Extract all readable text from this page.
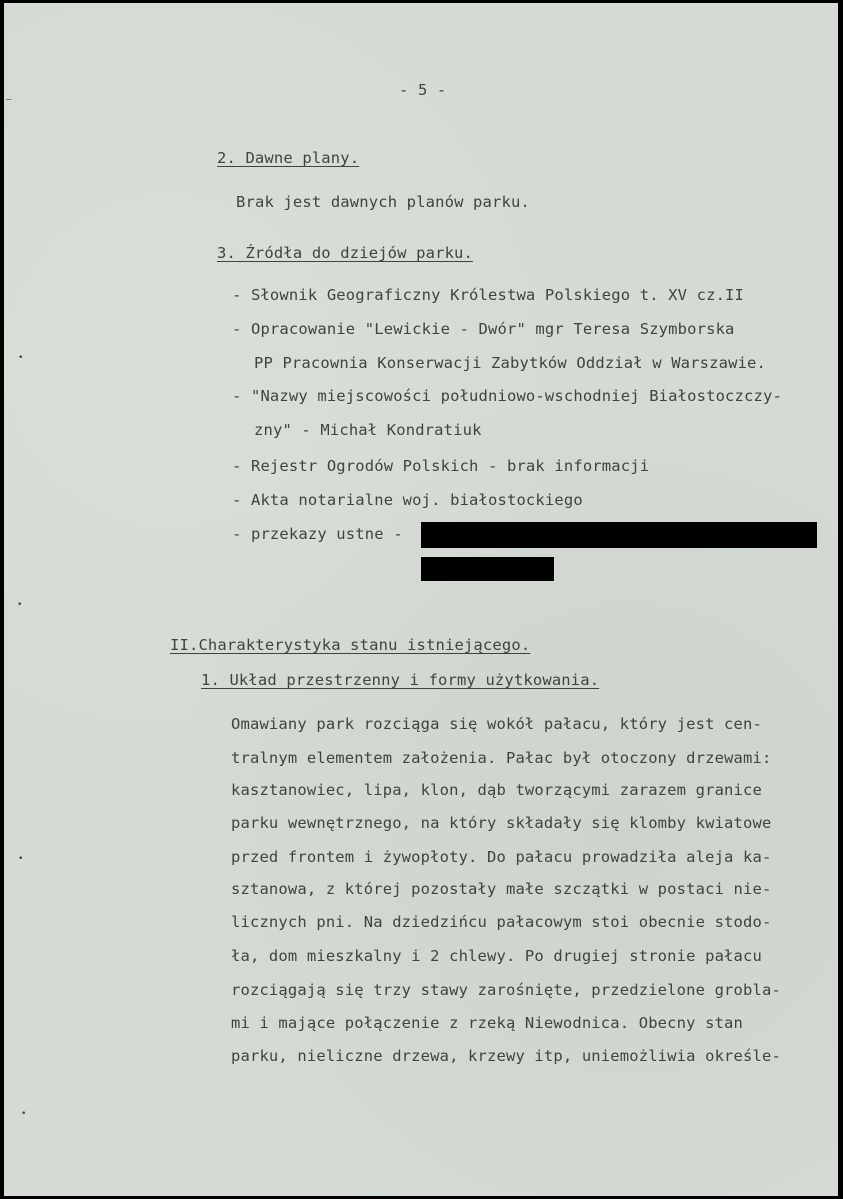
—
•
•
•
•
- 5 -
2. Dawne plany.
Brak jest dawnych planów parku.
3. Źródła do dziejów parku.
- Słownik Geograficzny Królestwa Polskiego t. XV cz.II
- Opracowanie "Lewickie - Dwór" mgr Teresa Szymborska
PP Pracownia Konserwacji Zabytków Oddział w Warszawie.
- "Nazwy miejscowości południowo-wschodniej Białostoczczy-
zny" - Michał Kondratiuk
- Rejestr Ogrodów Polskich - brak informacji
- Akta notarialne woj. białostockiego
- przekazy ustne -
II.Charakterystyka stanu istniejącego.
1. Układ przestrzenny i formy użytkowania.
Omawiany park rozciąga się wokół pałacu, który jest cen-
tralnym elementem założenia. Pałac był otoczony drzewami:
kasztanowiec, lipa, klon, dąb tworzącymi zarazem granice
parku wewnętrznego, na który składały się klomby kwiatowe
przed frontem i żywopłoty. Do pałacu prowadziła aleja ka-
sztanowa, z której pozostały małe szczątki w postaci nie-
licznych pni. Na dziedzińcu pałacowym stoi obecnie stodo-
ła, dom mieszkalny i 2 chlewy. Po drugiej stronie pałacu
rozciągają się trzy stawy zarośnięte, przedzielone grobla-
mi i mające połączenie z rzeką Niewodnica. Obecny stan
parku, nieliczne drzewa, krzewy itp, uniemożliwia określe-
